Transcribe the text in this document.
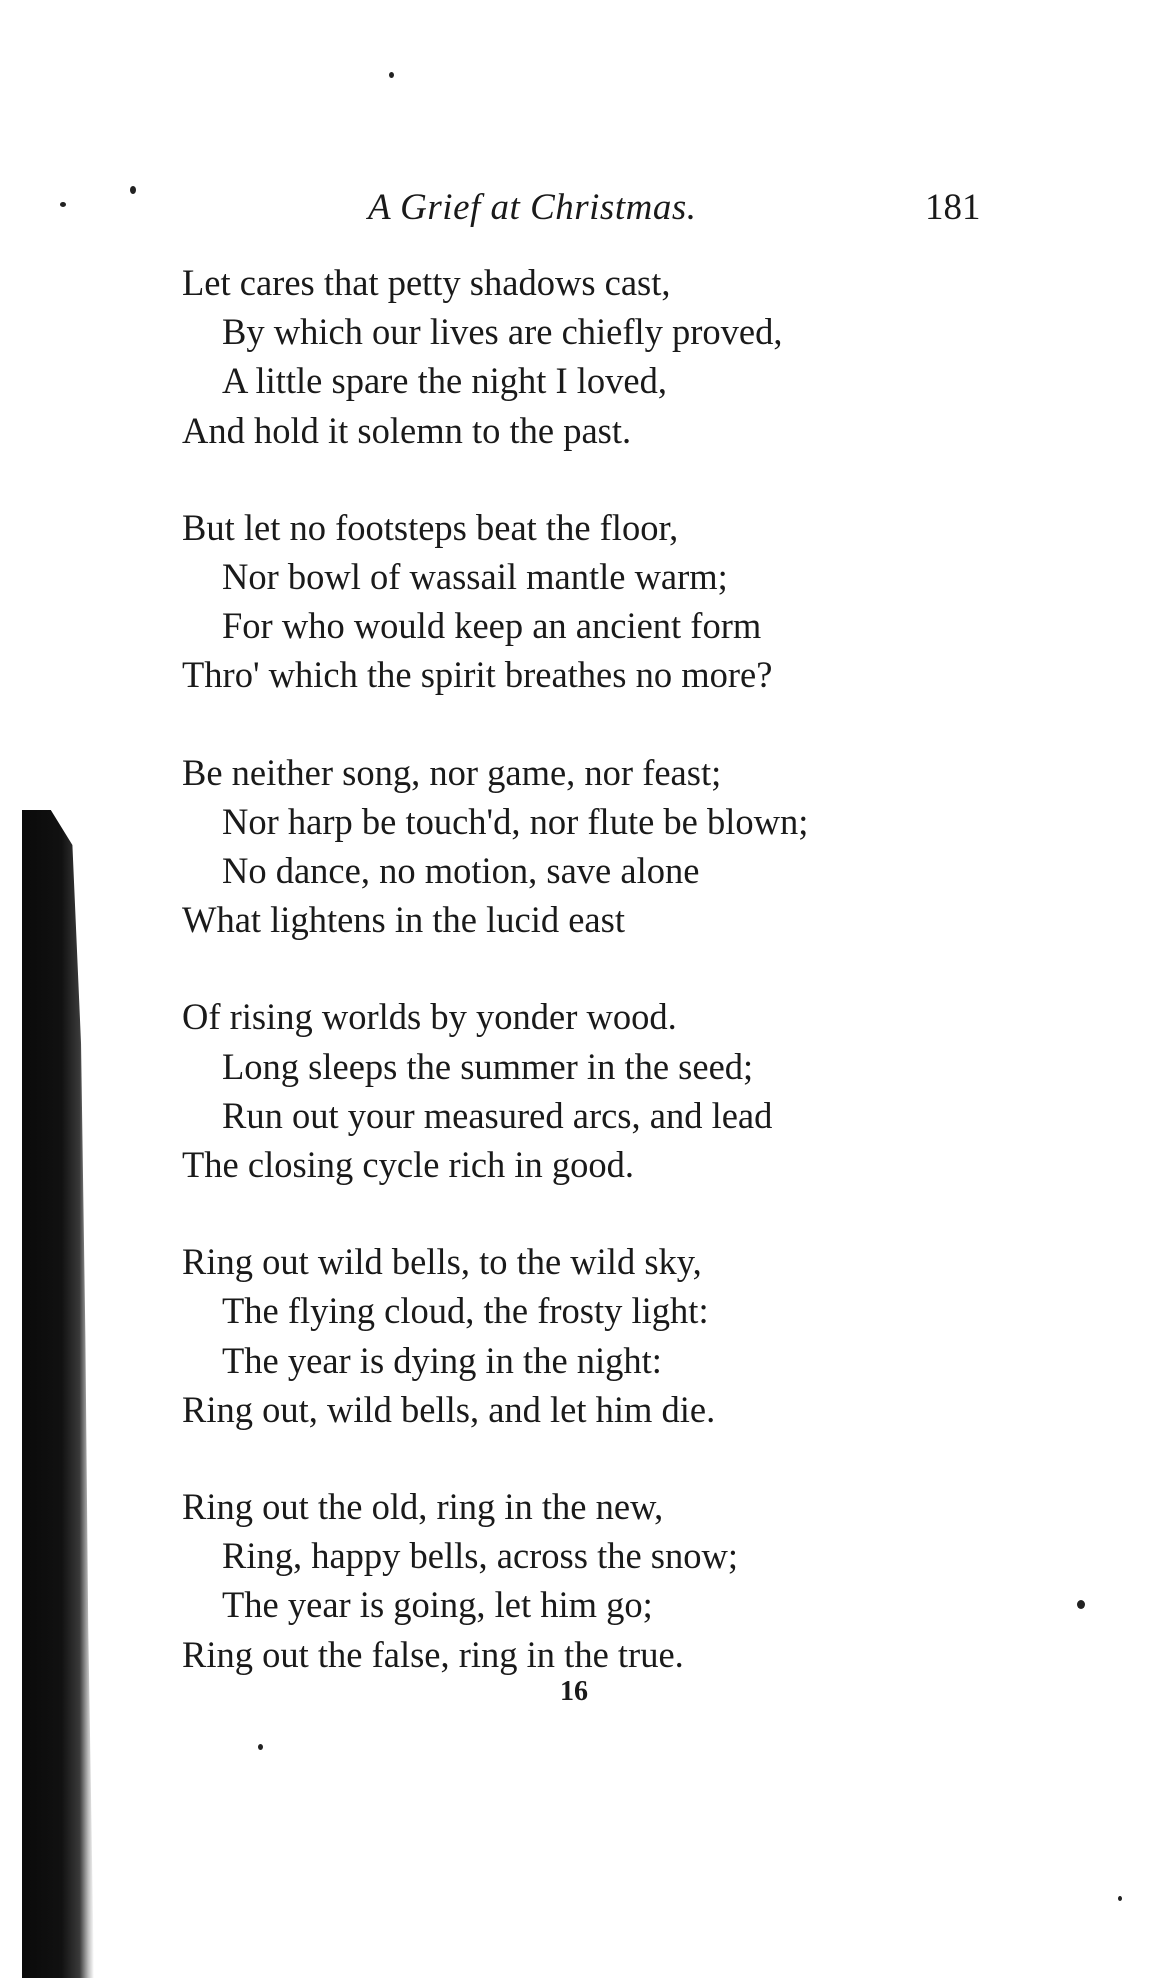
A Grief at Christmas.	181
Let cares that petty shadows cast,
By which our lives are chiefly proved,
A little spare the night I loved,
And hold it solemn to the past.
But let no footsteps beat the floor,
Nor bowl of wassail mantle warm;
For who would keep an ancient form
Thro' which the spirit breathes no more?
Be neither song, nor game, nor feast;
Nor harp be touch'd, nor flute be blown;
No dance, no motion, save alone
What lightens in the lucid east
Of rising worlds by yonder wood.
Long sleeps the summer in the seed;
Run out your measured arcs, and lead
The closing cycle rich in good.
Ring out wild bells, to the wild sky,
The flying cloud, the frosty light:
The year is dying in the night:
Ring out, wild bells, and let him die.
Ring out the old, ring in the new,
Ring, happy bells, across the snow;
The year is going, let him go;
Ring out the false, ring in the true.
16
